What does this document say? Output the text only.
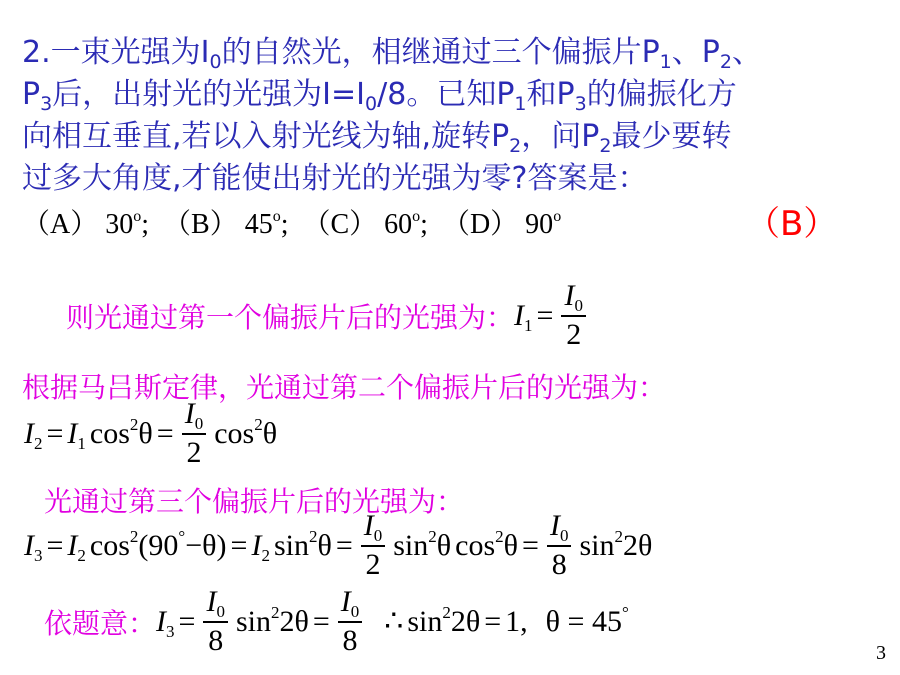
2.一束光强为$I_0$的自然光，相继通过三个偏振片$P_1$、$P_2$、
$P_3$后，出射光的光强为$I=I_0/8$。已知$P_1$和$P_3$的偏振化方
向相互垂直,若以入射光线为轴,旋转$P_2$，问$P_2$最少要转
过多大角度,才能使出射光的光强为零?答案是：
（A） 30$^o$; （B） 45$^o$; （C） 60$^o$; （D） 90$^o$	（B）
则光通过第一个偏振片后的光强为： $I_1 = \frac{I_0}{2}$
根据马吕斯定律，光通过第二个偏振片后的光强为：
$I_2 = I_1$ $\cos^2\theta = \frac{I_0}{2} \cos^2\theta$
光通过第三个偏振片后的光强为：
$I_3 = I_2$ $\cos^2(90^\circ-\theta) = I_2$ $\sin^2\theta = \frac{I_0}{2} \sin^2\theta$ $\cos^2\theta = \frac{I_0}{8} \sin^22\theta$
依题意： $I_3 = \frac{I_0}{8} \sin^22\theta = \frac{I_0}{8}$ ∴ $\sin^22\theta = 1$, θ = 45°
3
